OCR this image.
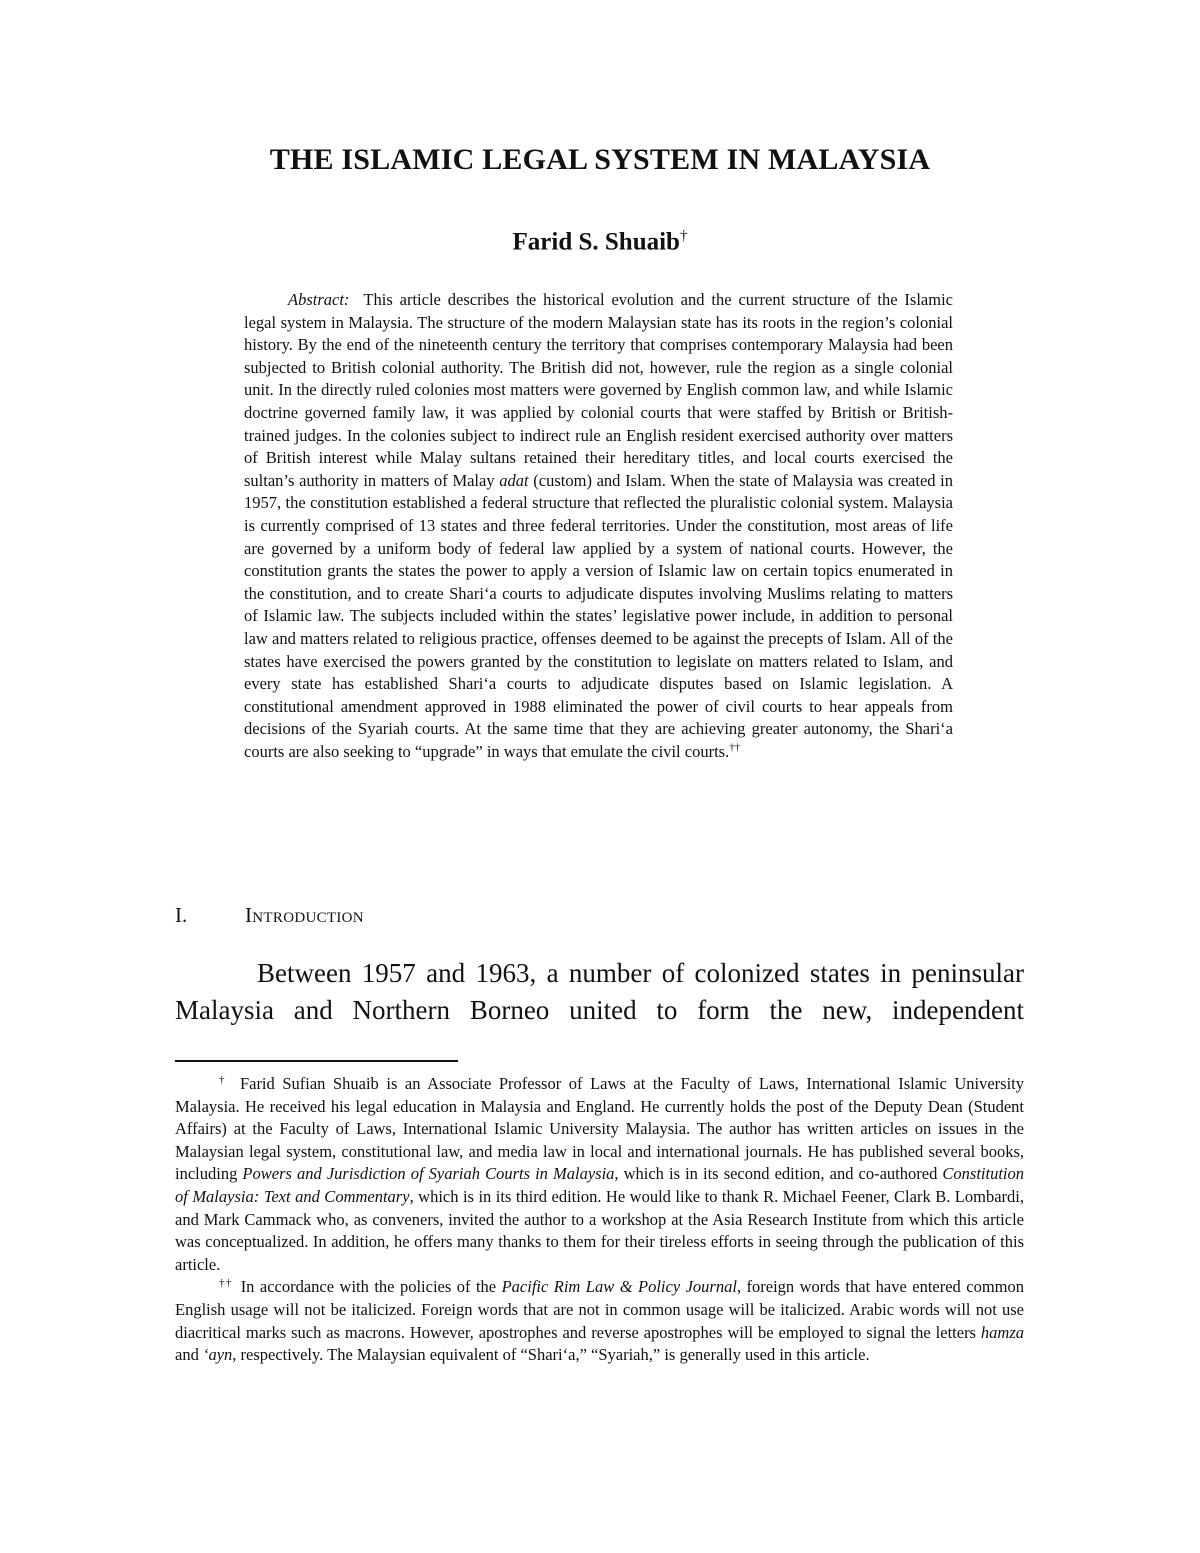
THE ISLAMIC LEGAL SYSTEM IN MALAYSIA
Farid S. Shuaib†

Abstract: This article describes the historical evolution and the current structure of the Islamic legal system in Malaysia. The structure of the modern Malaysian state has its roots in the region’s colonial history. By the end of the nineteenth century the territory that comprises contemporary Malaysia had been subjected to British colonial authority. The British did not, however, rule the region as a single colonial unit. In the directly ruled colonies most matters were governed by English common law, and while Islamic doctrine governed family law, it was applied by colonial courts that were staffed by British or British-trained judges. In the colonies subject to indirect rule an English resident exercised authority over matters of British interest while Malay sultans retained their hereditary titles, and local courts exercised the sultan’s authority in matters of Malay adat (custom) and Islam. When the state of Malaysia was created in 1957, the constitution established a federal structure that reflected the pluralistic colonial system. Malaysia is currently comprised of 13 states and three federal territories. Under the constitution, most areas of life are governed by a uniform body of federal law applied by a system of national courts. However, the constitution grants the states the power to apply a version of Islamic law on certain topics enumerated in the constitution, and to create Shari‘a courts to adjudicate disputes involving Muslims relating to matters of Islamic law. The subjects included within the states’ legislative power include, in addition to personal law and matters related to religious practice, offenses deemed to be against the precepts of Islam. All of the states have exercised the powers granted by the constitution to legislate on matters related to Islam, and every state has established Shari‘a courts to adjudicate disputes based on Islamic legislation. A constitutional amendment approved in 1988 eliminated the power of civil courts to hear appeals from decisions of the Syariah courts. At the same time that they are achieving greater autonomy, the Shari‘a courts are also seeking to “upgrade” in ways that emulate the civil courts.††

I.	Introduction

Between 1957 and 1963, a number of colonized states in peninsular Malaysia and Northern Borneo united to form the new, independent

† Farid Sufian Shuaib is an Associate Professor of Laws at the Faculty of Laws, International Islamic University Malaysia. He received his legal education in Malaysia and England. He currently holds the post of the Deputy Dean (Student Affairs) at the Faculty of Laws, International Islamic University Malaysia. The author has written articles on issues in the Malaysian legal system, constitutional law, and media law in local and international journals. He has published several books, including Powers and Jurisdiction of Syariah Courts in Malaysia, which is in its second edition, and co-authored Constitution of Malaysia: Text and Commentary, which is in its third edition. He would like to thank R. Michael Feener, Clark B. Lombardi, and Mark Cammack who, as conveners, invited the author to a workshop at the Asia Research Institute from which this article was conceptualized. In addition, he offers many thanks to them for their tireless efforts in seeing through the publication of this article.

†† In accordance with the policies of the Pacific Rim Law & Policy Journal, foreign words that have entered common English usage will not be italicized. Foreign words that are not in common usage will be italicized. Arabic words will not use diacritical marks such as macrons. However, apostrophes and reverse apostrophes will be employed to signal the letters hamza and ‘ayn, respectively. The Malaysian equivalent of “Shari‘a,” “Syariah,” is generally used in this article.
